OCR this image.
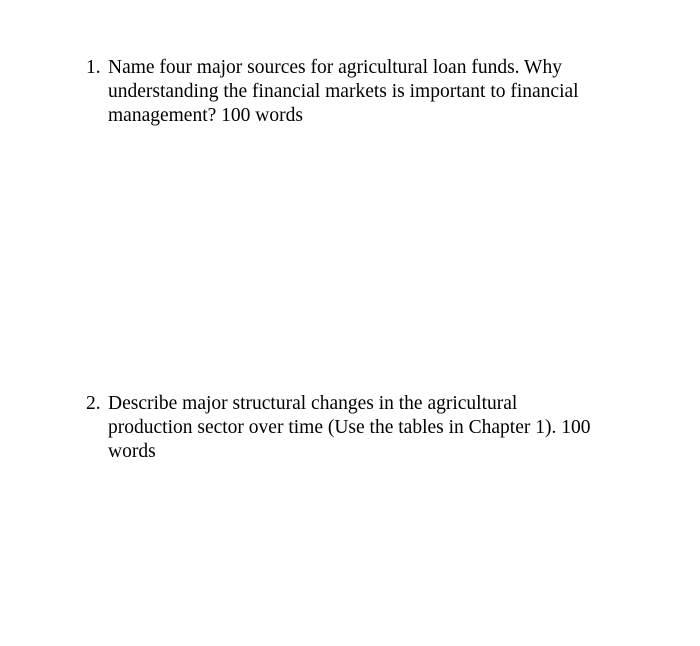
1. Name four major sources for agricultural loan funds. Why
understanding the financial markets is important to financial
management? 100 words
2. Describe major structural changes in the agricultural
production sector over time (Use the tables in Chapter 1). 100
words
